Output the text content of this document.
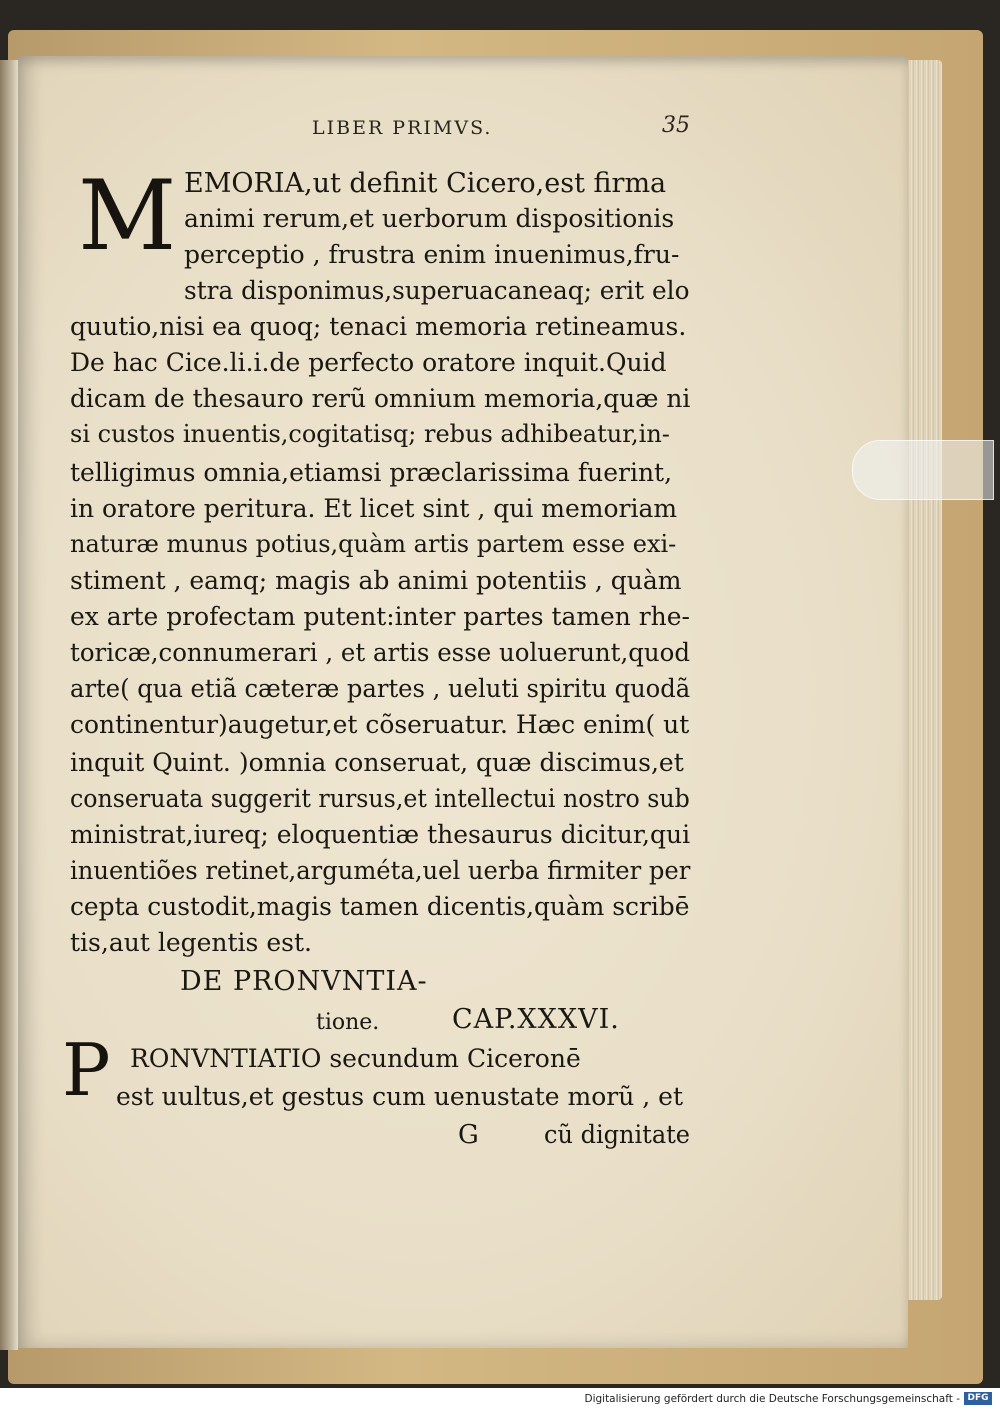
LIBER PRIMVS.	35
M EMORIA,ut definit Cicero,est firma
animi rerum,et uerborum dispositionis
perceptio , frustra enim inuenimus,fru-
stra disponimus,superuacaneaq; erit elo
quutio,nisi ea quoq; tenaci memoria retineamus.
De hac Cice.li.i.de perfecto oratore inquit.Quid
dicam de thesauro rerũ omnium memoria,quæ ni
si custos inuentis,cogitatisq; rebus adhibeatur,in-
telligimus omnia,etiamsi præclarissima fuerint,
in oratore peritura. Et licet sint , qui memoriam
naturæ munus potius,quàm artis partem esse exi-
stiment , eamq; magis ab animi potentiis , quàm
ex arte profectam putent:inter partes tamen rhe-
toricæ,connumerari , et artis esse uoluerunt,quod
arte( qua etiã cæteræ partes , ueluti spiritu quodã
continentur)augetur,et cõseruatur. Hæc enim( ut
inquit Quint. )omnia conseruat, quæ discimus,et
conseruata suggerit rursus,et intellectui nostro sub
ministrat,iureq; eloquentiæ thesaurus dicitur,qui
inuentiões retinet,arguméta,uel uerba firmiter per
cepta custodit,magis tamen dicentis,quàm scribē
tis,aut legentis est.
DE PRONVNTIA-
tione.	CAP.XXXVI.
P RONVNTIATIO secundum Ciceronē
est uultus,et gestus cum uenustate morũ , et
G	cũ dignitate
Digitalisierung gefördert durch die Deutsche Forschungsgemeinschaft - DFG
